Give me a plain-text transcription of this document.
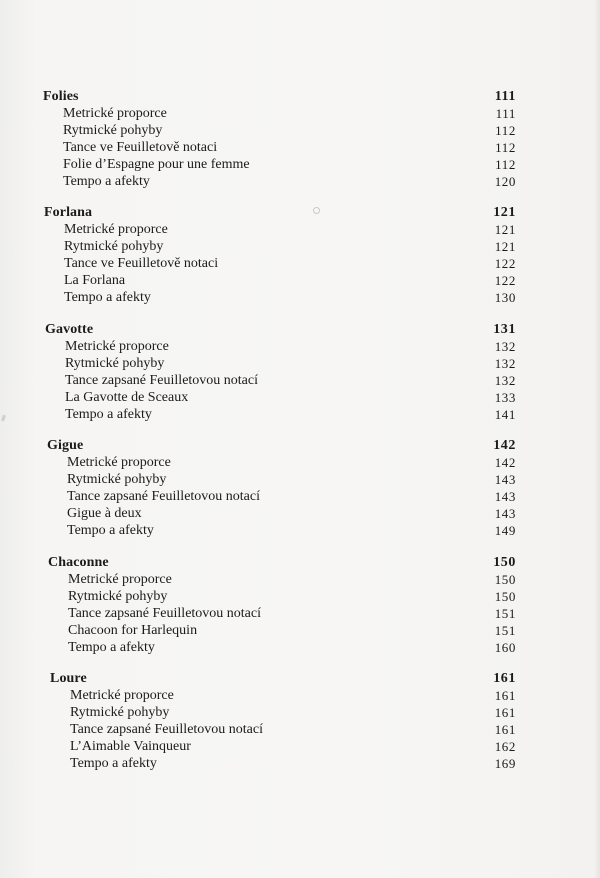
Folies	111
Metrické proporce	111
Rytmické pohyby	112
Tance ve Feuilletově notaci	112
Folie d’Espagne pour une femme	112
Tempo a afekty	120
Forlana	121
Metrické proporce	121
Rytmické pohyby	121
Tance ve Feuilletově notaci	122
La Forlana	122
Tempo a afekty	130
Gavotte	131
Metrické proporce	132
Rytmické pohyby	132
Tance zapsané Feuilletovou notací	132
La Gavotte de Sceaux	133
Tempo a afekty	141
Gigue	142
Metrické proporce	142
Rytmické pohyby	143
Tance zapsané Feuilletovou notací	143
Gigue à deux	143
Tempo a afekty	149
Chaconne	150
Metrické proporce	150
Rytmické pohyby	150
Tance zapsané Feuilletovou notací	151
Chacoon for Harlequin	151
Tempo a afekty	160
Loure	161
Metrické proporce	161
Rytmické pohyby	161
Tance zapsané Feuilletovou notací	161
L’Aimable Vainqueur	162
Tempo a afekty	169
